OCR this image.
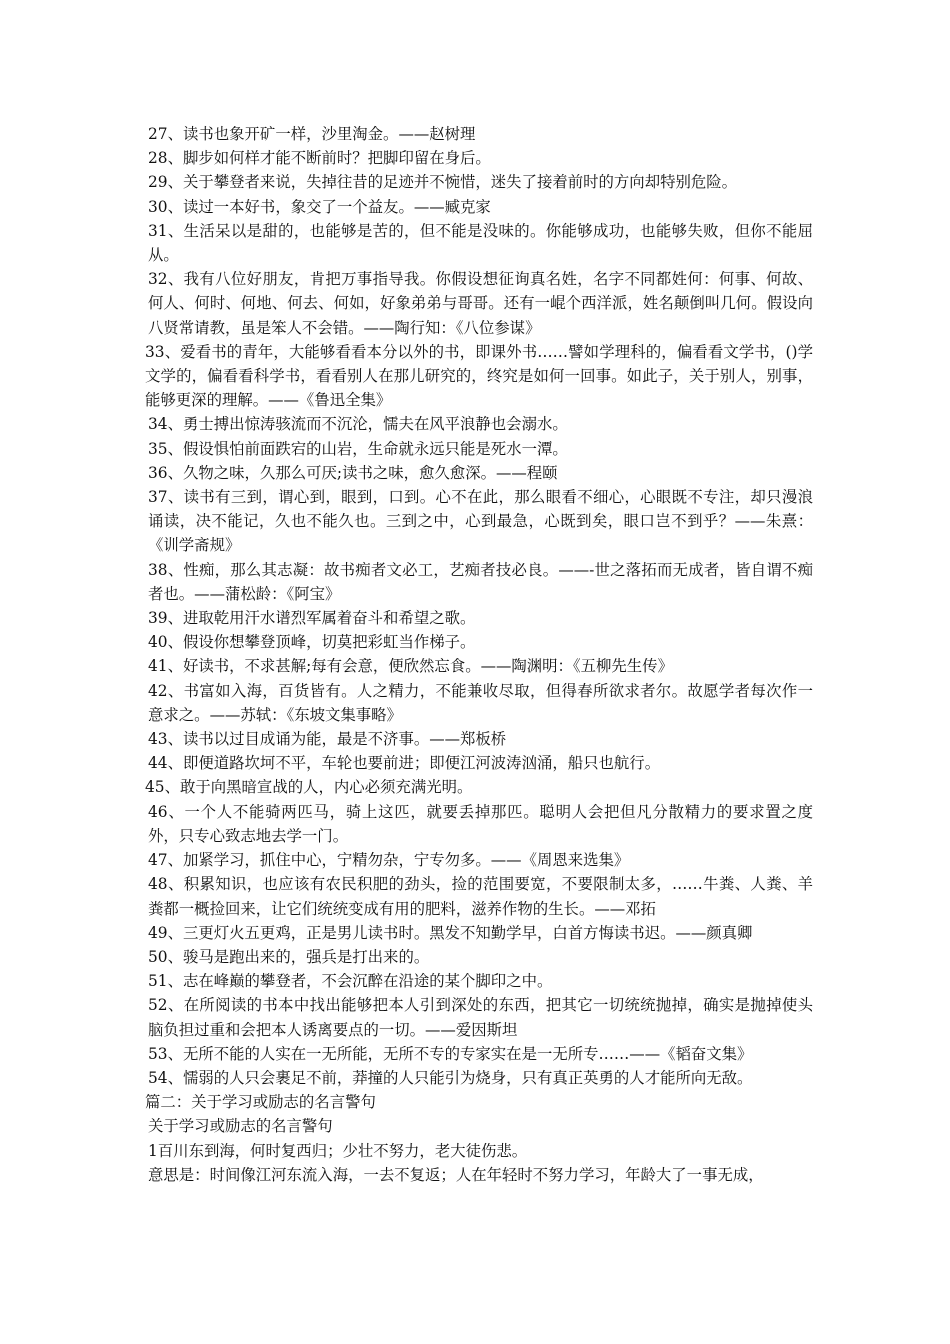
27、读书也象开矿一样，沙里淘金。——赵树理

28、脚步如何样才能不断前时？把脚印留在身后。

29、关于攀登者来说，失掉往昔的足迹并不惋惜，迷失了接着前时的方向却特别危险。

30、读过一本好书，象交了一个益友。——臧克家

31、生活呆以是甜的，也能够是苦的，但不能是没味的。你能够成功，也能够失败，但你不能屈从。

32、我有八位好朋友，肯把万事指导我。你假设想征询真名姓，名字不同都姓何：何事、何故、何人、何时、何地、何去、何如，好象弟弟与哥哥。还有一崐个西洋派，姓名颠倒叫几何。假设向八贤常请教，虽是笨人不会错。——陶行知：《八位参谋》

33、爱看书的青年，大能够看看本分以外的书，即课外书……譬如学理科的，偏看看文学书，()学文学的，偏看看科学书，看看别人在那儿研究的，终究是如何一回事。如此子，关于别人，别事，能够更深的理解。——《鲁迅全集》

34、勇士搏出惊涛骇流而不沉沦，懦夫在风平浪静也会溺水。

35、假设惧怕前面跌宕的山岩，生命就永远只能是死水一潭。

36、久物之味，久那么可厌;读书之味，愈久愈深。——程颐

37、读书有三到，谓心到，眼到，口到。心不在此，那么眼看不细心，心眼既不专注，却只漫浪诵读，决不能记，久也不能久也。三到之中，心到最急，心既到矣，眼口岂不到乎？——朱熹：《训学斋规》

38、性痴，那么其志凝：故书痴者文必工，艺痴者技必良。——-世之落拓而无成者，皆自谓不痴者也。——蒲松龄：《阿宝》

39、进取乾用汗水谱烈军属着奋斗和希望之歌。

40、假设你想攀登顶峰，切莫把彩虹当作梯子。

41、好读书，不求甚解;每有会意，便欣然忘食。——陶渊明：《五柳先生传》

42、书富如入海，百货皆有。人之精力，不能兼收尽取，但得春所欲求者尔。故愿学者每次作一意求之。——苏轼：《东坡文集事略》

43、读书以过目成诵为能，最是不济事。——郑板桥

44、即便道路坎坷不平，车轮也要前进；即便江河波涛汹涌，船只也航行。

45、敢于向黑暗宣战的人，内心必须充满光明。

46、一个人不能骑两匹马，骑上这匹，就要丢掉那匹。聪明人会把但凡分散精力的要求置之度外，只专心致志地去学一门。

47、加紧学习，抓住中心，宁精勿杂，宁专勿多。——《周恩来选集》

48、积累知识，也应该有农民积肥的劲头，捡的范围要宽，不要限制太多，……牛粪、人粪、羊粪都一概捡回来，让它们统统变成有用的肥料，滋养作物的生长。——邓拓

49、三更灯火五更鸡，正是男儿读书时。黑发不知勤学早，白首方悔读书迟。——颜真卿

50、骏马是跑出来的，强兵是打出来的。

51、志在峰巅的攀登者，不会沉醉在沿途的某个脚印之中。

52、在所阅读的书本中找出能够把本人引到深处的东西，把其它一切统统抛掉，确实是抛掉使头脑负担过重和会把本人诱离要点的一切。——爱因斯坦

53、无所不能的人实在一无所能，无所不专的专家实在是一无所专……——《韬奋文集》

54、懦弱的人只会裹足不前，莽撞的人只能引为烧身，只有真正英勇的人才能所向无敌。

篇二：关于学习或励志的名言警句

关于学习或励志的名言警句

1百川东到海，何时复西归；少壮不努力，老大徒伤悲。

意思是：时间像江河东流入海，一去不复返；人在年轻时不努力学习，年龄大了一事无成，
